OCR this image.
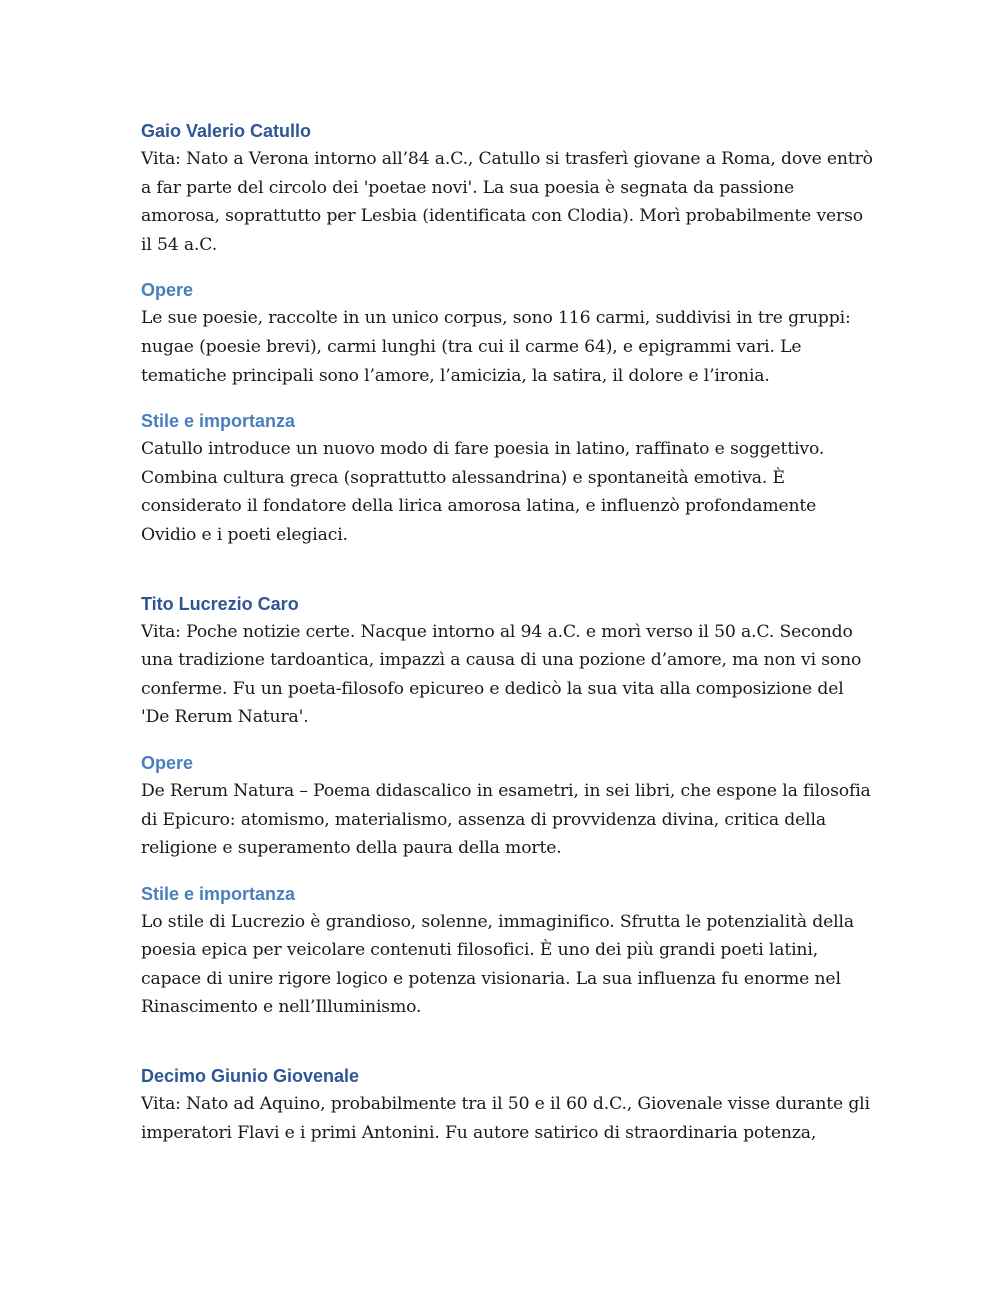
Gaio Valerio Catullo

Vita: Nato a Verona intorno all’84 a.C., Catullo si trasferì giovane a Roma, dove entrò
a far parte del circolo dei 'poetae novi'. La sua poesia è segnata da passione
amorosa, soprattutto per Lesbia (identificata con Clodia). Morì probabilmente verso
il 54 a.C.

Opere

Le sue poesie, raccolte in un unico corpus, sono 116 carmi, suddivisi in tre gruppi:
nugae (poesie brevi), carmi lunghi (tra cui il carme 64), e epigrammi vari. Le
tematiche principali sono l’amore, l’amicizia, la satira, il dolore e l’ironia.

Stile e importanza

Catullo introduce un nuovo modo di fare poesia in latino, raffinato e soggettivo.
Combina cultura greca (soprattutto alessandrina) e spontaneità emotiva. È
considerato il fondatore della lirica amorosa latina, e influenzò profondamente
Ovidio e i poeti elegiaci.

Tito Lucrezio Caro

Vita: Poche notizie certe. Nacque intorno al 94 a.C. e morì verso il 50 a.C. Secondo
una tradizione tardoantica, impazzì a causa di una pozione d’amore, ma non vi sono
conferme. Fu un poeta-filosofo epicureo e dedicò la sua vita alla composizione del
'De Rerum Natura'.

Opere

De Rerum Natura – Poema didascalico in esametri, in sei libri, che espone la filosofia
di Epicuro: atomismo, materialismo, assenza di provvidenza divina, critica della
religione e superamento della paura della morte.

Stile e importanza

Lo stile di Lucrezio è grandioso, solenne, immaginifico. Sfrutta le potenzialità della
poesia epica per veicolare contenuti filosofici. È uno dei più grandi poeti latini,
capace di unire rigore logico e potenza visionaria. La sua influenza fu enorme nel
Rinascimento e nell’Illuminismo.

Decimo Giunio Giovenale

Vita: Nato ad Aquino, probabilmente tra il 50 e il 60 d.C., Giovenale visse durante gli
imperatori Flavi e i primi Antonini. Fu autore satirico di straordinaria potenza,
